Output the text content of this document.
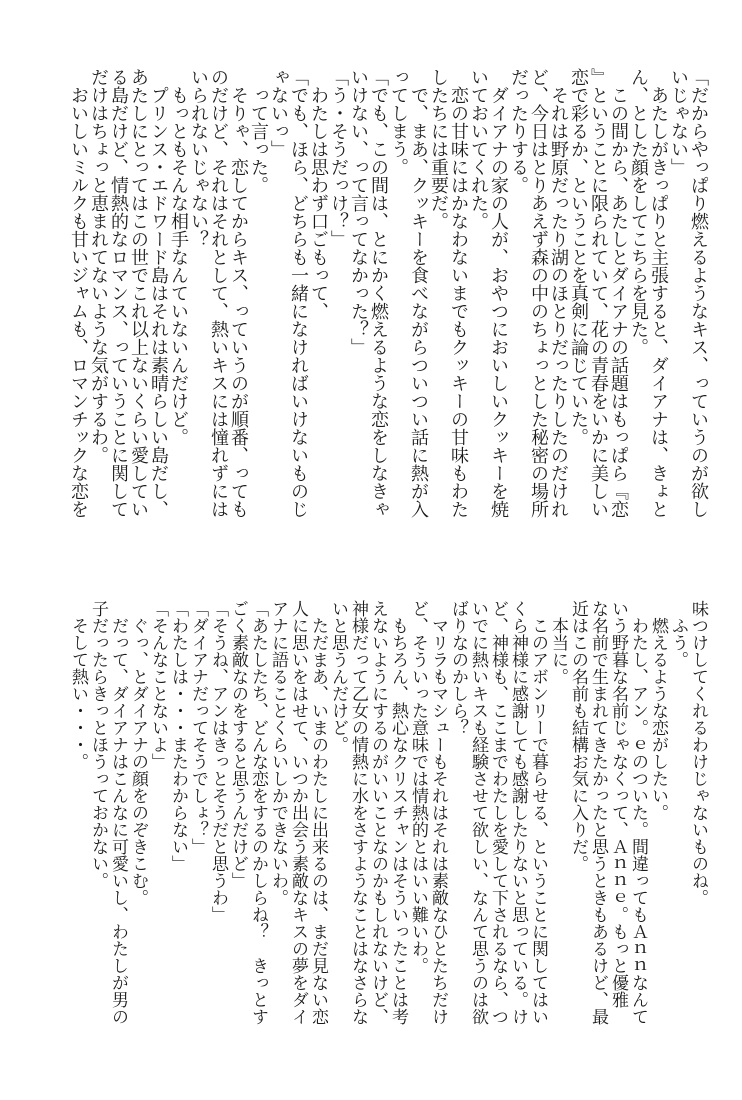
「だからやっぱり燃えるようなキス、っていうのが欲し
いじゃない」
　あたしがきっぱりと主張すると、ダイアナは、きょと
ん、とした顔をしてこちらを見た。
　この間から、あたしとダイアナの話題はもっぱら『恋
』ということに限られていて、花の青春をいかに美しい
恋で彩るか、ということを真剣に論じていた。
　それは野原だったり湖のほとりだったりしたのだけれ
ど、今日はとりあえず森の中のちょっとした秘密の場所
だったりする。
　ダイアナの家の人が、おやつにおいしいクッキーを焼
いておいてくれた。
　恋の甘味にはかなわないまでもクッキーの甘味もわた
したちには重要だ。
　で、まあ、クッキーを食べながらついつい話に熱が入
ってしまう。
「でも、この間は、とにかく燃えるような恋をしなきゃ
いけない、って言ってなかった？」
「う・そうだっけ？」
　わたしは思わず口ごもって、
「でも、ほら、どちらも一緒になければいけないものじ
ゃないっ」
　って言った。
　そりゃ、恋してからキス、っていうのが順番、っても
のだけど、それはそれとして、熱いキスには憧れずには
いられないじゃない？
　もっともそんな相手なんていないんだけど。
　プリンス・エドワード島はそれは素晴らしい島だし、
あたしにとってはこの世でこれ以上ないくらい愛してい
る島だけど、情熱的なロマンス、っていうことに関して
だけはちょっと恵まれてないような気がするわ。
　おいしいミルクも甘いジャムも、ロマンチックな恋を
味つけしてくれるわけじゃないものね。
　ふう。
　燃えるような恋がしたい。
　わたし、アン。ｅのついた。間違ってもＡｎｎなんて
いう野暮な名前じゃなくって、Ａｎｎｅ。もっと優雅
な名前で生まれてきたかったと思うときもあるけど、最
近はこの名前も結構お気に入りだ。
　本当に。
　このアボンリーで暮らせる、ということに関してはい
くら神様に感謝しても感謝したりないと思っている。け
ど、神様も、ここまでわたしを愛して下されるなら、つ
いでに熱いキスも経験させて欲しい、なんて思うのは欲
ばりなのかしら？
　マリラもマシューもそれはそれは素敵なひとたちだけ
ど、そういった意味では情熱的とはいい難いわ。
　もちろん、熱心なクリスチャンはそういったことは考
えないようにするのがいいことなのかもしれないけど、
神様だって乙女の情熱に水をさすようなことはなさらな
いと思うんだけど。
　ただまあ、いまのわたしに出来るのは、まだ見ない恋
人に思いをはせて、いつか出会う素敵なキスの夢をダイ
アナに語ることくらいしかできないわ。
「あたしたち、どんな恋をするのかしらね？　きっとす
ごく素敵なのをすると思うんだけど」
「そうね、アンはきっとそうだと思うわ」
「ダイアナだってそうでしょ？」
「わたしは・・・またわからない」
「そんなことないよ」
　ぐっ、とダイアナの顔をのぞきこむ。
　だって、ダイアナはこんなに可愛いし、わたしが男の
子だったらきっとほうっておかない。
　そして熱い・・・。
